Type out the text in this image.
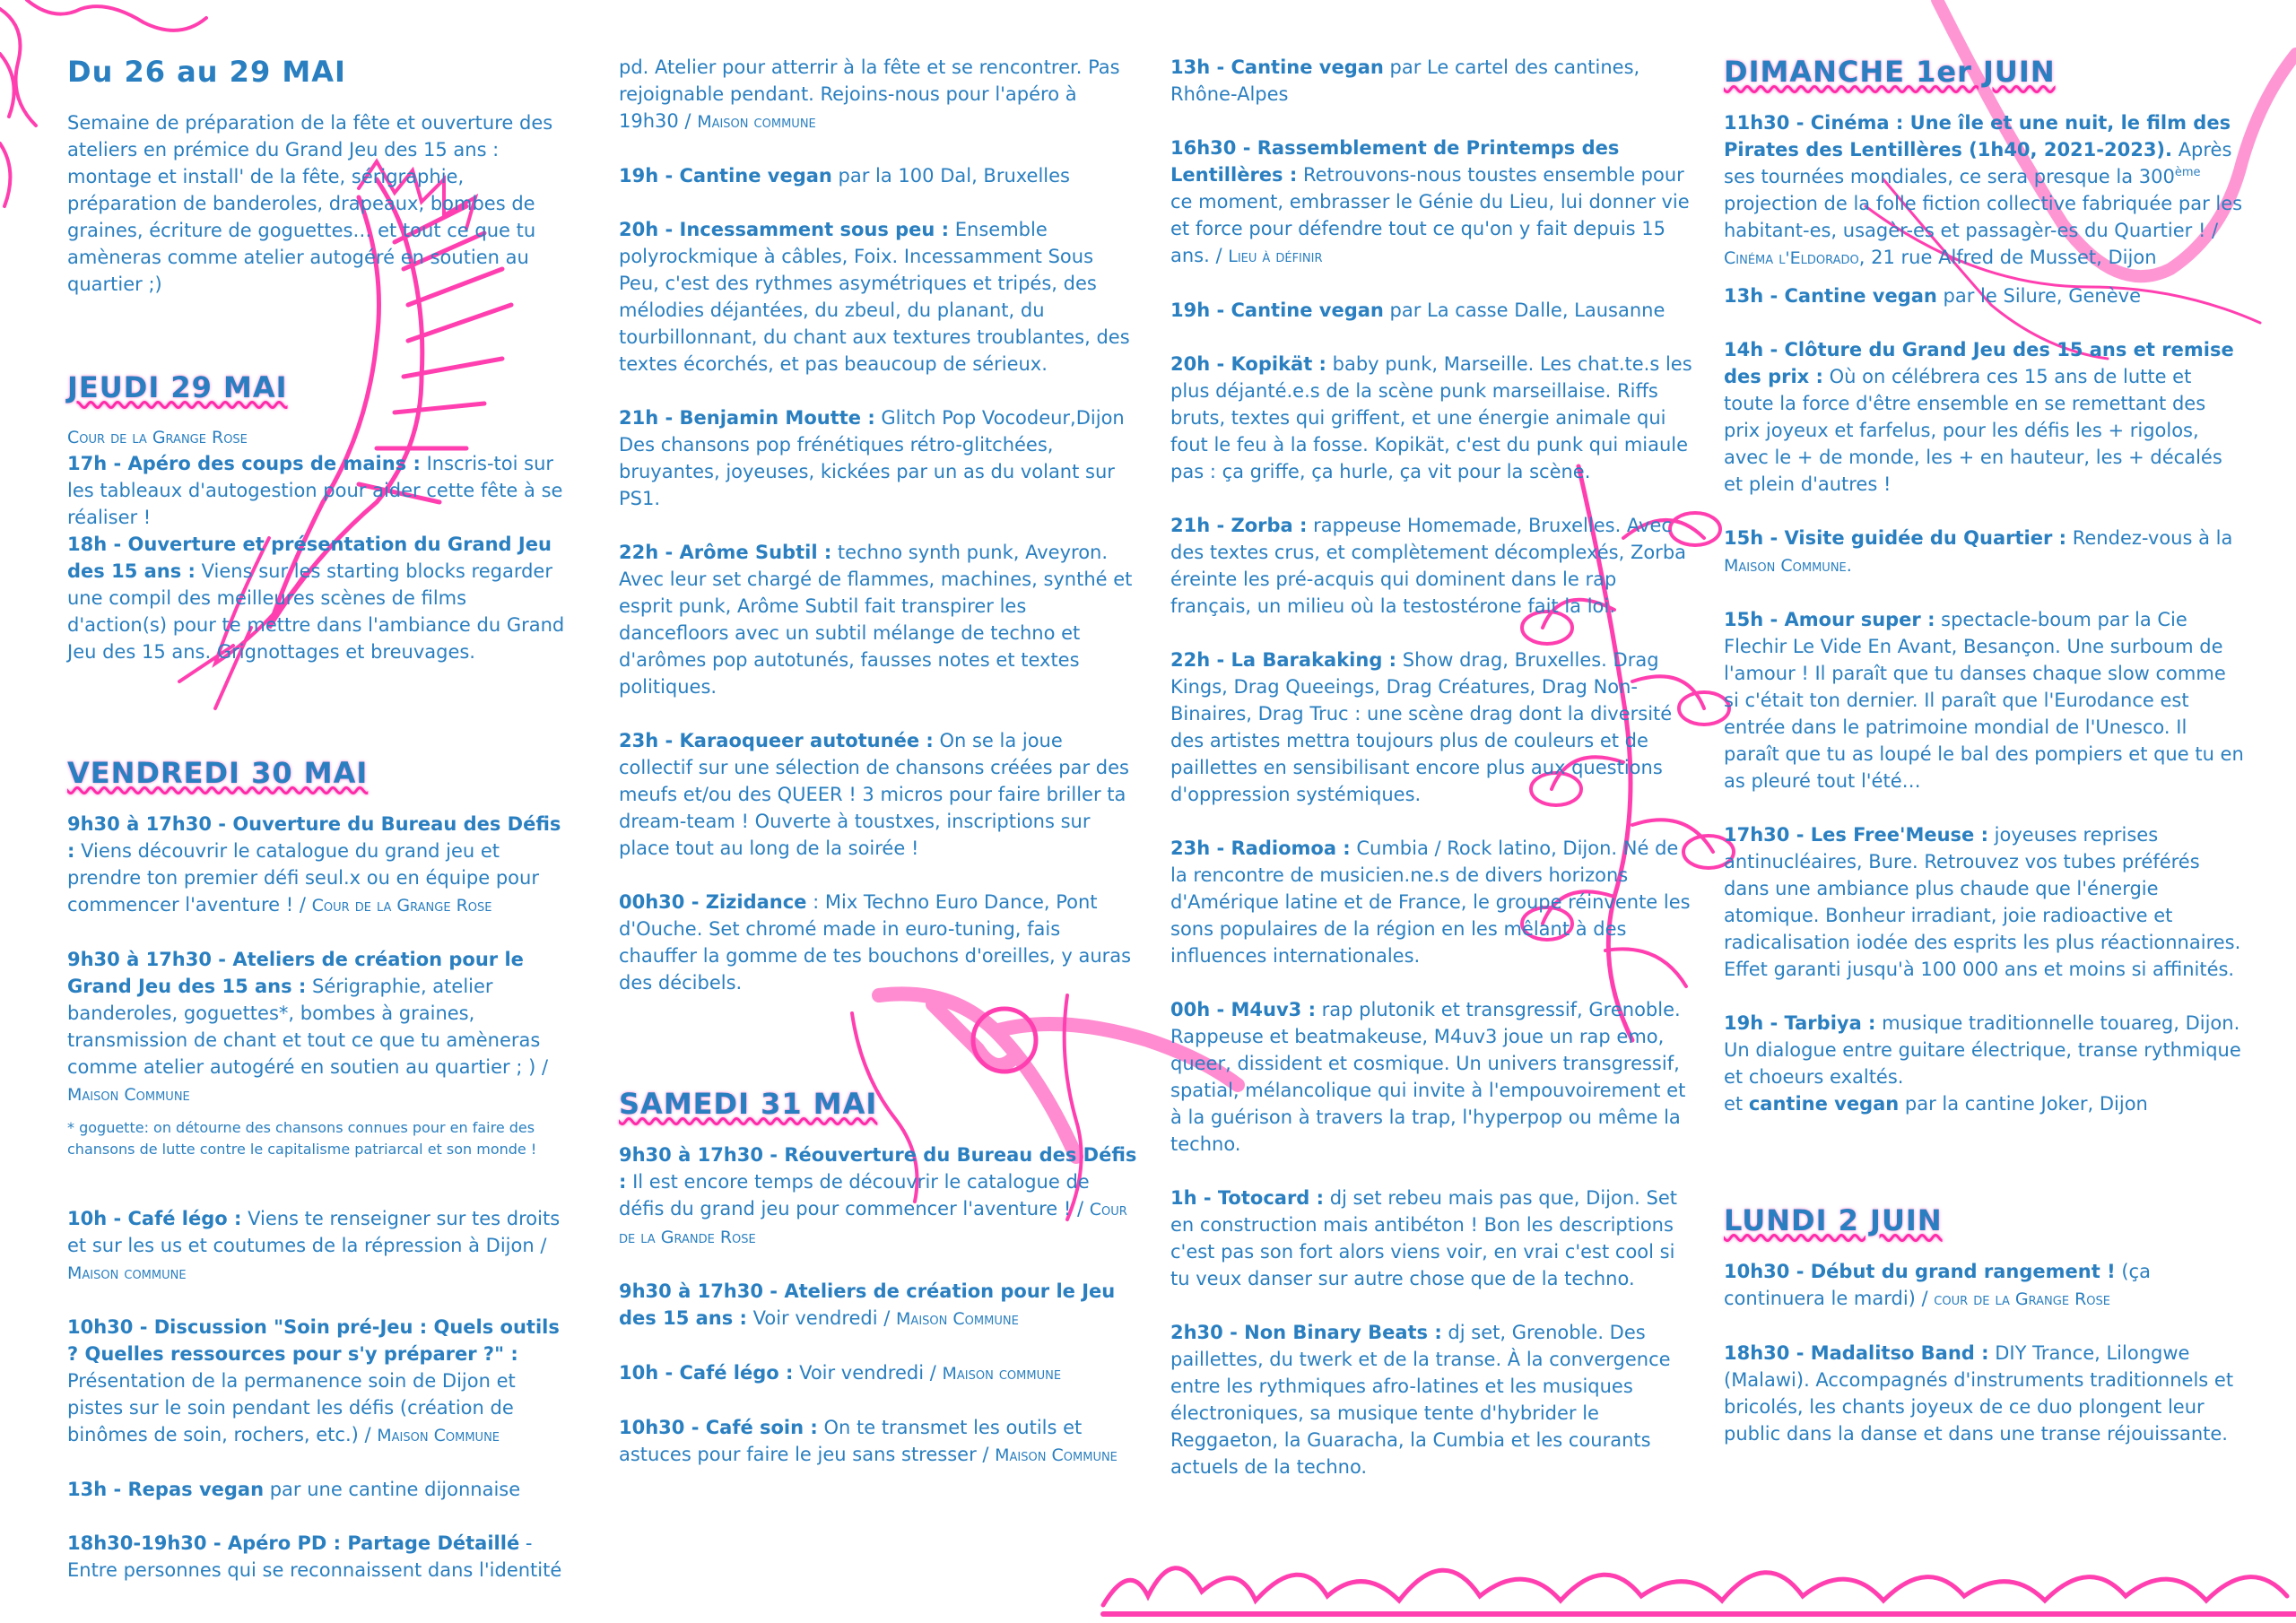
Du 26 au 29 MAI

Semaine de préparation de la fête et ouverture des ateliers en prémice du Grand Jeu des 15 ans : montage et install' de la fête, sérigraphie, préparation de banderoles, drapeaux, bombes de graines, écriture de goguettes… et tout ce que tu amèneras comme atelier autogéré en soutien au quartier ;)

JEUDI 29 MAI

Cour de la Grange Rose

17h - Apéro des coups de mains : Inscris-toi sur les tableaux d'autogestion pour aider cette fête à se réaliser !

18h - Ouverture et présentation du Grand Jeu des 15 ans : Viens sur les starting blocks regarder une compil des meilleures scènes de films d'action(s) pour te mettre dans l'ambiance du Grand Jeu des 15 ans. Grignottages et breuvages.

VENDREDI 30 MAI

9h30 à 17h30 - Ouverture du Bureau des Défis : Viens découvrir le catalogue du grand jeu et prendre ton premier défi seul.x ou en équipe pour commencer l'aventure ! / Cour de la Grange Rose

9h30 à 17h30 - Ateliers de création pour le Grand Jeu des 15 ans : Sérigraphie, atelier banderoles, goguettes*, bombes à graines, transmission de chant et tout ce que tu amèneras comme atelier autogéré en soutien au quartier ; ) / Maison Commune

* goguette: on détourne des chansons connues pour en faire des chansons de lutte contre le capitalisme patriarcal et son monde !

10h - Café légo : Viens te renseigner sur tes droits et sur les us et coutumes de la répression à Dijon / Maison commune

10h30 - Discussion "Soin pré-Jeu : Quels outils ? Quelles ressources pour s'y préparer ?" : Présentation de la permanence soin de Dijon et pistes sur le soin pendant les défis (création de binômes de soin, rochers, etc.) / Maison Commune

13h - Repas vegan par une cantine dijonnaise

18h30-19h30 - Apéro PD : Partage Détaillé - Entre personnes qui se reconnaissent dans l'identité

pd. Atelier pour atterrir à la fête et se rencontrer. Pas rejoignable pendant. Rejoins-nous pour l'apéro à 19h30 / Maison commune

19h - Cantine vegan par la 100 Dal, Bruxelles

20h - Incessamment sous peu : Ensemble polyrockmique à câbles, Foix. Incessamment Sous Peu, c'est des rythmes asymétriques et tripés, des mélodies déjantées, du zbeul, du planant, du tourbillonnant, du chant aux textures troublantes, des textes écorchés, et pas beaucoup de sérieux.

21h - Benjamin Moutte : Glitch Pop Vocodeur,Dijon Des chansons pop frénétiques rétro-glitchées, bruyantes, joyeuses, kickées par un as du volant sur PS1.

22h - Arôme Subtil : techno synth punk, Aveyron. Avec leur set chargé de flammes, machines, synthé et esprit punk, Arôme Subtil fait transpirer les dancefloors avec un subtil mélange de techno et d'arômes pop autotunés, fausses notes et textes politiques.

23h - Karaoqueer autotunée : On se la joue collectif sur une sélection de chansons créées par des meufs et/ou des QUEER ! 3 micros pour faire briller ta dream-team ! Ouverte à toustxes, inscriptions sur place tout au long de la soirée !

00h30 - Zizidance : Mix Techno Euro Dance, Pont d'Ouche. Set chromé made in euro-tuning, fais chauffer la gomme de tes bouchons d'oreilles, y auras des décibels.

SAMEDI 31 MAI

9h30 à 17h30 - Réouverture du Bureau des Défis : Il est encore temps de découvrir le catalogue de défis du grand jeu pour commencer l'aventure ! / Cour de la Grande Rose

9h30 à 17h30 - Ateliers de création pour le Jeu des 15 ans : Voir vendredi / Maison Commune

10h - Café légo : Voir vendredi / Maison commune

10h30 - Café soin : On te transmet les outils et astuces pour faire le jeu sans stresser / Maison Commune

13h - Cantine vegan par Le cartel des cantines, Rhône-Alpes

16h30 - Rassemblement de Printemps des Lentillères : Retrouvons-nous toustes ensemble pour ce moment, embrasser le Génie du Lieu, lui donner vie et force pour défendre tout ce qu'on y fait depuis 15 ans. / Lieu à définir

19h - Cantine vegan par La casse Dalle, Lausanne

20h - Kopikät : baby punk, Marseille. Les chat.te.s les plus déjanté.e.s de la scène punk marseillaise. Riffs bruts, textes qui griffent, et une énergie animale qui fout le feu à la fosse. Kopikät, c'est du punk qui miaule pas : ça griffe, ça hurle, ça vit pour la scène.

21h - Zorba : rappeuse Homemade, Bruxelles. Avec des textes crus, et complètement décomplexés, Zorba éreinte les pré-acquis qui dominent dans le rap français, un milieu où la testostérone fait la loi.

22h - La Barakaking : Show drag, Bruxelles. Drag Kings, Drag Queeings, Drag Créatures, Drag Non-Binaires, Drag Truc : une scène drag dont la diversité des artistes mettra toujours plus de couleurs et de paillettes en sensibilisant encore plus aux questions d'oppression systémiques.

23h - Radiomoa : Cumbia / Rock latino, Dijon. Né de la rencontre de musicien.ne.s de divers horizons d'Amérique latine et de France, le groupe réinvente les sons populaires de la région en les mêlant à des influences internationales.

00h - M4uv3 : rap plutonik et transgressif, Grenoble. Rappeuse et beatmakeuse, M4uv3 joue un rap emo, queer, dissident et cosmique. Un univers transgressif, spatial, mélancolique qui invite à l'empouvoirement et à la guérison à travers la trap, l'hyperpop ou même la techno.

1h - Totocard : dj set rebeu mais pas que, Dijon. Set en construction mais antibéton ! Bon les descriptions c'est pas son fort alors viens voir, en vrai c'est cool si tu veux danser sur autre chose que de la techno.

2h30 - Non Binary Beats : dj set, Grenoble. Des paillettes, du twerk et de la transe. À la convergence entre les rythmiques afro-latines et les musiques électroniques, sa musique tente d'hybrider le Reggaeton, la Guaracha, la Cumbia et les courants actuels de la techno.

DIMANCHE 1er JUIN

11h30 - Cinéma : Une île et une nuit, le film des Pirates des Lentillères (1h40, 2021-2023). Après ses tournées mondiales, ce sera presque la 300ème projection de la folle fiction collective fabriquée par les habitant-es, usagèr-es et passagèr-es du Quartier ! / Cinéma l'Eldorado, 21 rue Alfred de Musset, Dijon

13h - Cantine vegan par le Silure, Genève

14h - Clôture du Grand Jeu des 15 ans et remise des prix : Où on célébrera ces 15 ans de lutte et toute la force d'être ensemble en se remettant des prix joyeux et farfelus, pour les défis les + rigolos, avec le + de monde, les + en hauteur, les + décalés et plein d'autres !

15h - Visite guidée du Quartier : Rendez-vous à la Maison Commune.

15h - Amour super : spectacle-boum par la Cie Flechir Le Vide En Avant, Besançon. Une surboum de l'amour ! Il paraît que tu danses chaque slow comme si c'était ton dernier. Il paraît que l'Eurodance est entrée dans le patrimoine mondial de l'Unesco. Il paraît que tu as loupé le bal des pompiers et que tu en as pleuré tout l'été…

17h30 - Les Free'Meuse : joyeuses reprises antinucléaires, Bure. Retrouvez vos tubes préférés dans une ambiance plus chaude que l'énergie atomique. Bonheur irradiant, joie radioactive et radicalisation iodée des esprits les plus réactionnaires. Effet garanti jusqu'à 100 000 ans et moins si affinités.

19h - Tarbiya : musique traditionnelle touareg, Dijon. Un dialogue entre guitare électrique, transe rythmique et choeurs exaltés.
et cantine vegan par la cantine Joker, Dijon

LUNDI 2 JUIN

10h30 - Début du grand rangement ! (ça continuera le mardi) / cour de la Grange Rose

18h30 - Madalitso Band : DIY Trance, Lilongwe (Malawi). Accompagnés d'instruments traditionnels et bricolés, les chants joyeux de ce duo plongent leur public dans la danse et dans une transe réjouissante.
